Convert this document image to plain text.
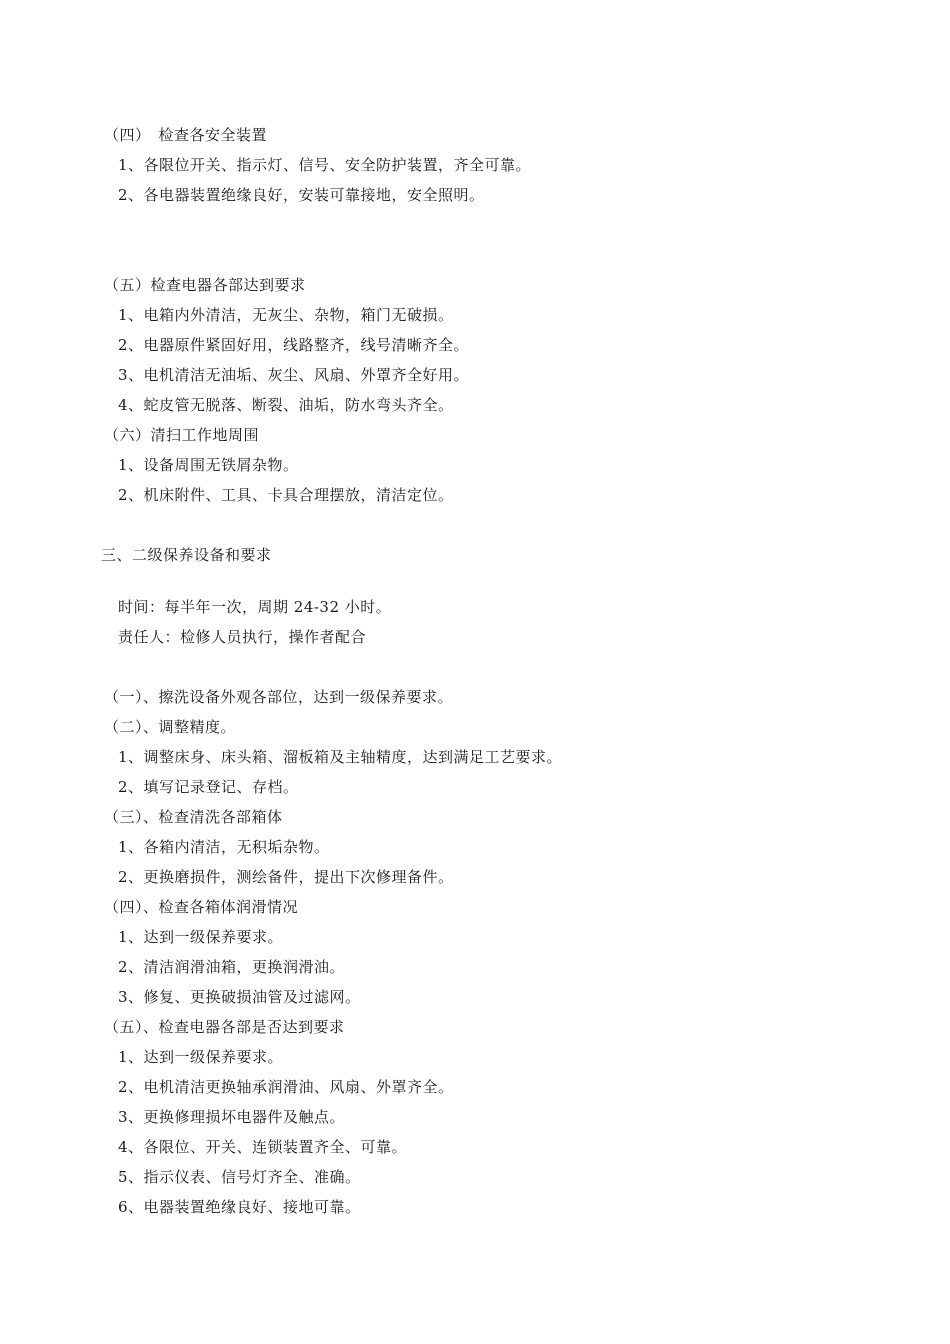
（四）　检查各安全装置
1、各限位开关、指示灯、信号、安全防护装置，齐全可靠。
2、各电器装置绝缘良好，安装可靠接地，安全照明。
（五）检查电器各部达到要求
1、电箱内外清洁，无灰尘、杂物，箱门无破损。
2、电器原件紧固好用，线路整齐，线号清晰齐全。
3、电机清洁无油垢、灰尘、风扇、外罩齐全好用。
4、蛇皮管无脱落、断裂、油垢，防水弯头齐全。
（六）清扫工作地周围
1、设备周围无铁屑杂物。
2、机床附件、工具、卡具合理摆放，清洁定位。
三、二级保养设备和要求
时间：每半年一次，周期 24-32 小时。
责任人：检修人员执行，操作者配合
（一）、擦洗设备外观各部位，达到一级保养要求。
（二）、调整精度。
1、调整床身、床头箱、溜板箱及主轴精度，达到满足工艺要求。
2、填写记录登记、存档。
（三）、检查清洗各部箱体
1、各箱内清洁，无积垢杂物。
2、更换磨损件，测绘备件，提出下次修理备件。
（四）、检查各箱体润滑情况
1、达到一级保养要求。
2、清洁润滑油箱，更换润滑油。
3、修复、更换破损油管及过滤网。
（五）、检查电器各部是否达到要求
1、达到一级保养要求。
2、电机清洁更换轴承润滑油、风扇、外罩齐全。
3、更换修理损坏电器件及触点。
4、各限位、开关、连锁装置齐全、可靠。
5、指示仪表、信号灯齐全、准确。
6、电器装置绝缘良好、接地可靠。
